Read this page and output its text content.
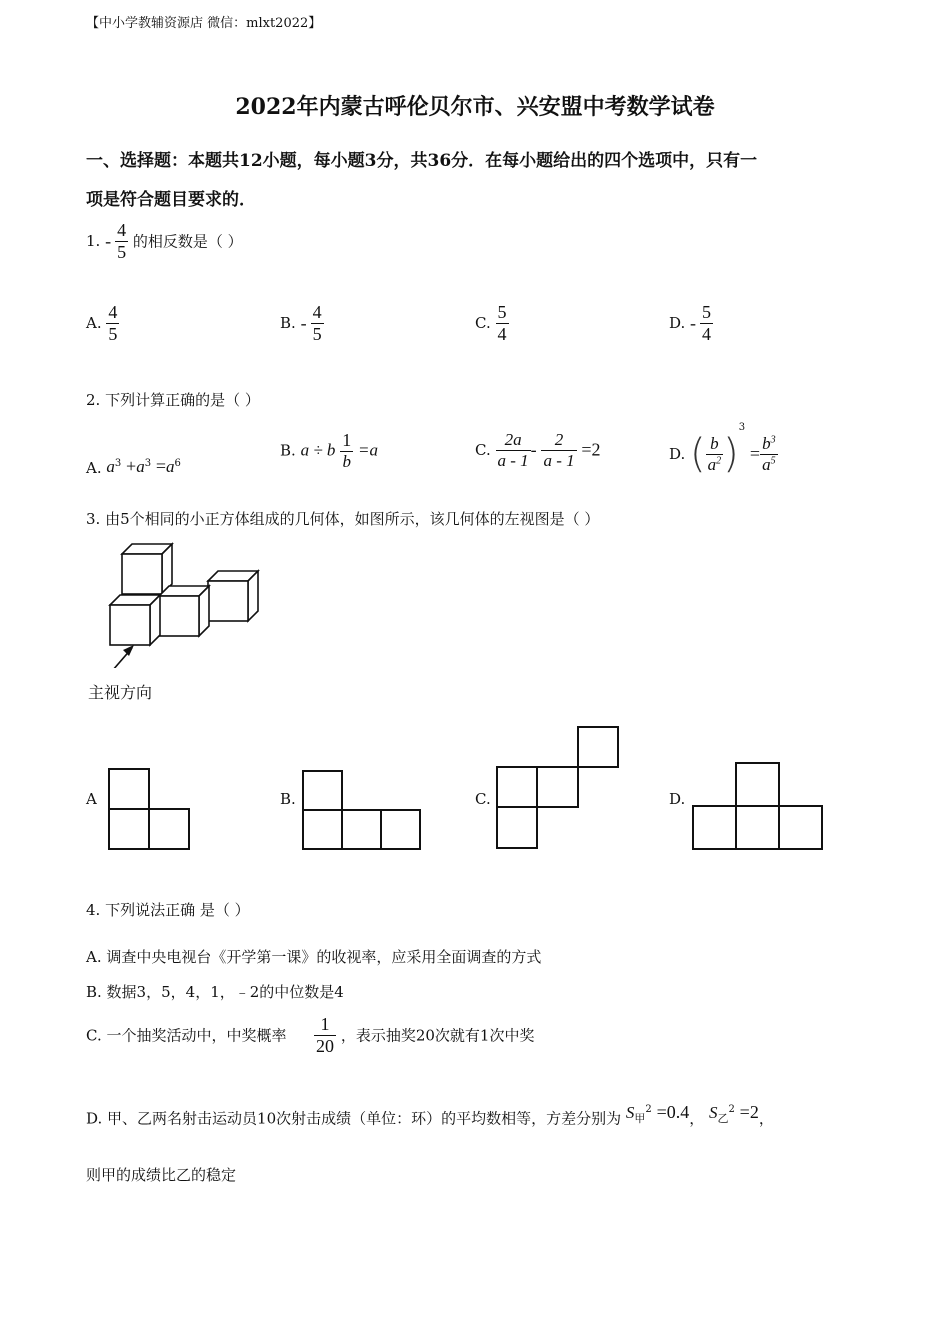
【中小学教辅资源店 微信：mlxt2022】
2022年内蒙古呼伦贝尔市、兴安盟中考数学试卷
一、选择题：本题共12小题，每小题3分，共36分．在每小题给出的四个选项中，只有一
项是符合题目要求的．
1. - $\frac{4}{5}$ 的相反数是（ ）
A. $\frac{4}{5}$	B. - $\frac{4}{5}$	C. $\frac{5}{4}$	D. - $\frac{5}{4}$
2. 下列计算正确的是（ ）
A. $a^3 +a^3 =a^6$
B. a ÷ b $\frac{1}{b} =a$	C. $\frac{2a}{a - 1} - \frac{2}{a - 1} =2$	D. ( $\frac{b}{a^2} )^3 = \frac{b^3}{a^5}$
3. 由5个相同的小正方体组成的几何体，如图所示，该几何体的左视图是（ ）
主视方向
A	B.	C.	D.
4. 下列说法正确 是（ ）
A. 调查中央电视台《开学第一课》的收视率，应采用全面调查的方式
B. 数据3，5，4，1，﹣2的中位数是4
C. 一个抽奖活动中，中奖概率 $\frac{1}{20}$ ，表示抽奖20次就有1次中奖
D. 甲、乙两名射击运动员10次射击成绩（单位：环）的平均数相等，方差分别为 $S_甲^2 =0.4$， $S_乙^2 =2$，
则甲的成绩比乙的稳定
